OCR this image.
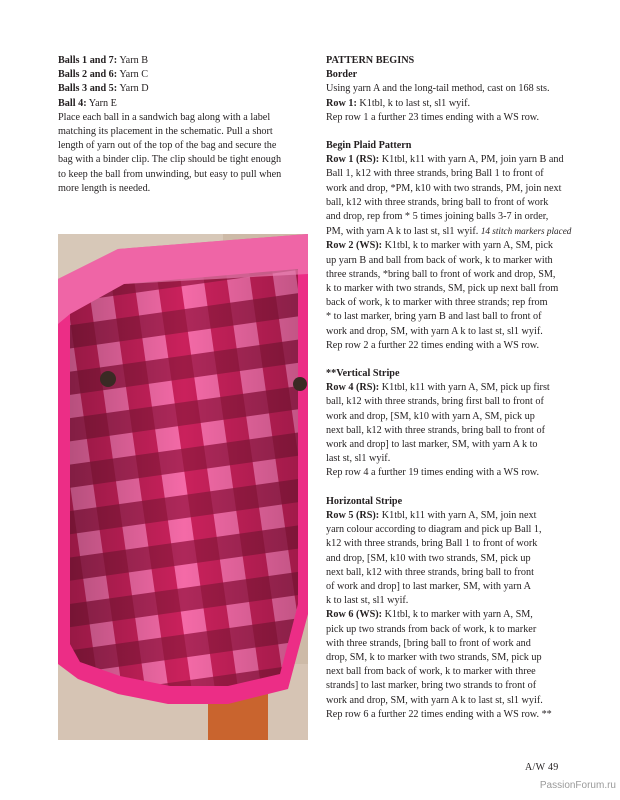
Balls 1 and 7: Yarn B

Balls 2 and 6: Yarn C

Balls 3 and 5: Yarn D

Ball 4: Yarn E

Place each ball in a sandwich bag along with a label

matching its placement in the schematic. Pull a short

length of yarn out of the top of the bag and secure the

bag with a binder clip. The clip should be tight enough

to keep the ball from unwinding, but easy to pull when

more length is needed.

PATTERN BEGINS

Border

Using yarn A and the long-tail method, cast on 168 sts.

Row 1: K1tbl, k to last st, sl1 wyif.

Rep row 1 a further 23 times ending with a WS row.

Begin Plaid Pattern

Row 1 (RS): K1tbl, k11 with yarn A, PM, join yarn B and

Ball 1, k12 with three strands, bring Ball 1 to front of

work and drop, *PM, k10 with two strands, PM, join next

ball, k12 with three strands, bring ball to front of work

and drop, rep from * 5 times joining balls 3-7 in order,

PM, with yarn A k to last st, sl1 wyif. 14 stitch markers placed

Row 2 (WS): K1tbl, k to marker with yarn A, SM, pick

up yarn B and ball from back of work, k to marker with

three strands, *bring ball to front of work and drop, SM,

k to marker with two strands, SM, pick up next ball from

back of work, k to marker with three strands; rep from

* to last marker, bring yarn B and last ball to front of

work and drop, SM, with yarn A k to last st, sl1 wyif.

Rep row 2 a further 22 times ending with a WS row.

**Vertical Stripe

Row 4 (RS): K1tbl, k11 with yarn A, SM, pick up first

ball, k12 with three strands, bring first ball to front of

work and drop, [SM, k10 with yarn A, SM, pick up

next ball, k12 with three strands, bring ball to front of

work and drop] to last marker, SM, with yarn A k to

last st, sl1 wyif.

Rep row 4 a further 19 times ending with a WS row.

Horizontal Stripe

Row 5 (RS): K1tbl, k11 with yarn A, SM, join next

yarn colour according to diagram and pick up Ball 1,

k12 with three strands, bring Ball 1 to front of work

and drop, [SM, k10 with two strands, SM, pick up

next ball, k12 with three strands, bring ball to front

of work and drop] to last marker, SM, with yarn A

k to last st, sl1 wyif.

Row 6 (WS): K1tbl, k to marker with yarn A, SM,

pick up two strands from back of work, k to marker

with three strands, [bring ball to front of work and

drop, SM, k to marker with two strands, SM, pick up

next ball from back of work, k to marker with three

strands] to last marker, bring two strands to front of

work and drop, SM, with yarn A k to last st, sl1 wyif.

Rep row 6 a further 22 times ending with a WS row. **

A/W 49
PassionForum.ru
